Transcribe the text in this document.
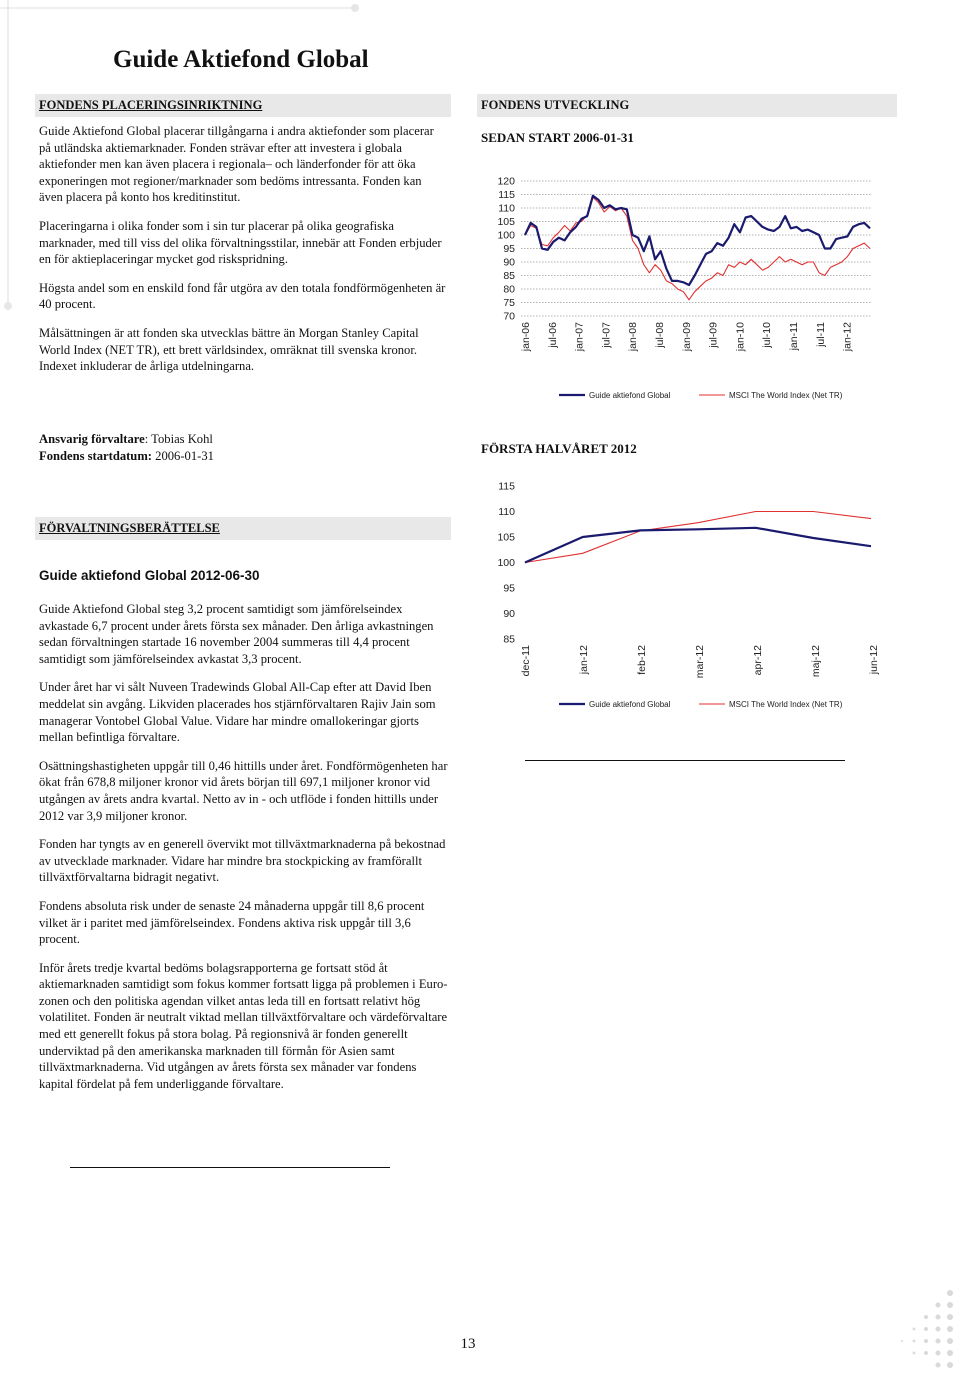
Guide Aktiefond Global
FONDENS PLACERINGSINRIKTNING

Guide Aktiefond Global placerar tillgångarna i andra aktiefonder som placerar på utländska aktiemarknader. Fonden strävar efter att investera i globala aktiefonder men kan även placera i regionala– och länderfonder för att öka exponeringen mot regioner/marknader som bedöms intressanta. Fonden kan även placera på konto hos kreditinstitut.

Placeringarna i olika fonder som i sin tur placerar på olika geografiska marknader, med till viss del olika förvaltningsstilar, innebär att Fonden erbjuder en för aktieplaceringar mycket god riskspridning.

Högsta andel som en enskild fond får utgöra av den totala fondförmögenheten är 40 procent.

Målsättningen är att fonden ska utvecklas bättre än Morgan Stanley Capital World Index (NET TR), ett brett världsindex, omräknat till svenska kronor. Indexet inkluderar de årliga utdelningarna.

Ansvarig förvaltare: Tobias Kohl
Fondens startdatum: 2006-01-31
FÖRVALTNINGSBERÄTTELSE
Guide aktiefond Global 2012-06-30

Guide Aktiefond Global steg 3,2 procent samtidigt som jämförelseindex avkastade 6,7 procent under årets första sex månader. Den årliga avkastningen sedan förvaltningen startade 16 november 2004 summeras till 4,4 procent samtidigt som jämförelseindex avkastat 3,3 procent.

Under året har vi sålt Nuveen Tradewinds Global All-Cap efter att David Iben meddelat sin avgång. Likviden placerades hos stjärnförvaltaren Rajiv Jain som managerar Vontobel Global Value. Vidare har mindre omallokeringar gjorts mellan befintliga förvaltare.

Osättningshastigheten uppgår till 0,46 hittills under året. Fondförmögenheten har ökat från 678,8 miljoner kronor vid årets början till 697,1 miljoner kronor vid utgången av årets andra kvartal. Netto av in - och utflöde i fonden hittills under 2012 var 3,9 miljoner kronor.

Fonden har tyngts av en generell övervikt mot tillväxtmarknaderna på bekostnad av utvecklade marknader. Vidare har mindre bra stockpicking av framförallt tillväxtförvaltarna bidragit negativt.

Fondens absoluta risk under de senaste 24 månaderna uppgår till 8,6 procent vilket är i paritet med jämförelseindex. Fondens aktiva risk uppgår till 3,6 procent.

Inför årets tredje kvartal bedöms bolagsrapporterna ge fortsatt stöd åt aktiemarknaden samtidigt som fokus kommer fortsatt ligga på problemen i Euro-zonen och den politiska agendan vilket antas leda till en fortsatt relativt hög volatilitet. Fonden är neutralt viktad mellan tillväxtförvaltare och värdeförvaltare med ett generellt fokus på stora bolag. På regionsnivå är fonden generellt underviktad på den amerikanska marknaden till förmån för Asien samt tillväxtmarknaderna. Vid utgången av årets första sex månader var fondens kapital fördelat på fem underliggande förvaltare.

FONDENS UTVECKLING
SEDAN START 2006-01-31
120
115
110
105
100
95
90
85
80
75
70
jan-06 jul-06 jan-07 jul-07 jan-08 jul-08 jan-09 jul-09 jan-10 jul-10 jan-11 jul-11 jan-12
Guide aktiefond Global	MSCI The World Index (Net TR)
FÖRSTA HALVÅRET 2012
115
110
105
100
95
90
85
dec-11	jan-12	feb-12	mar-12	apr-12	maj-12	jun-12
Guide aktiefond Global	MSCI The World Index (Net TR)
13
